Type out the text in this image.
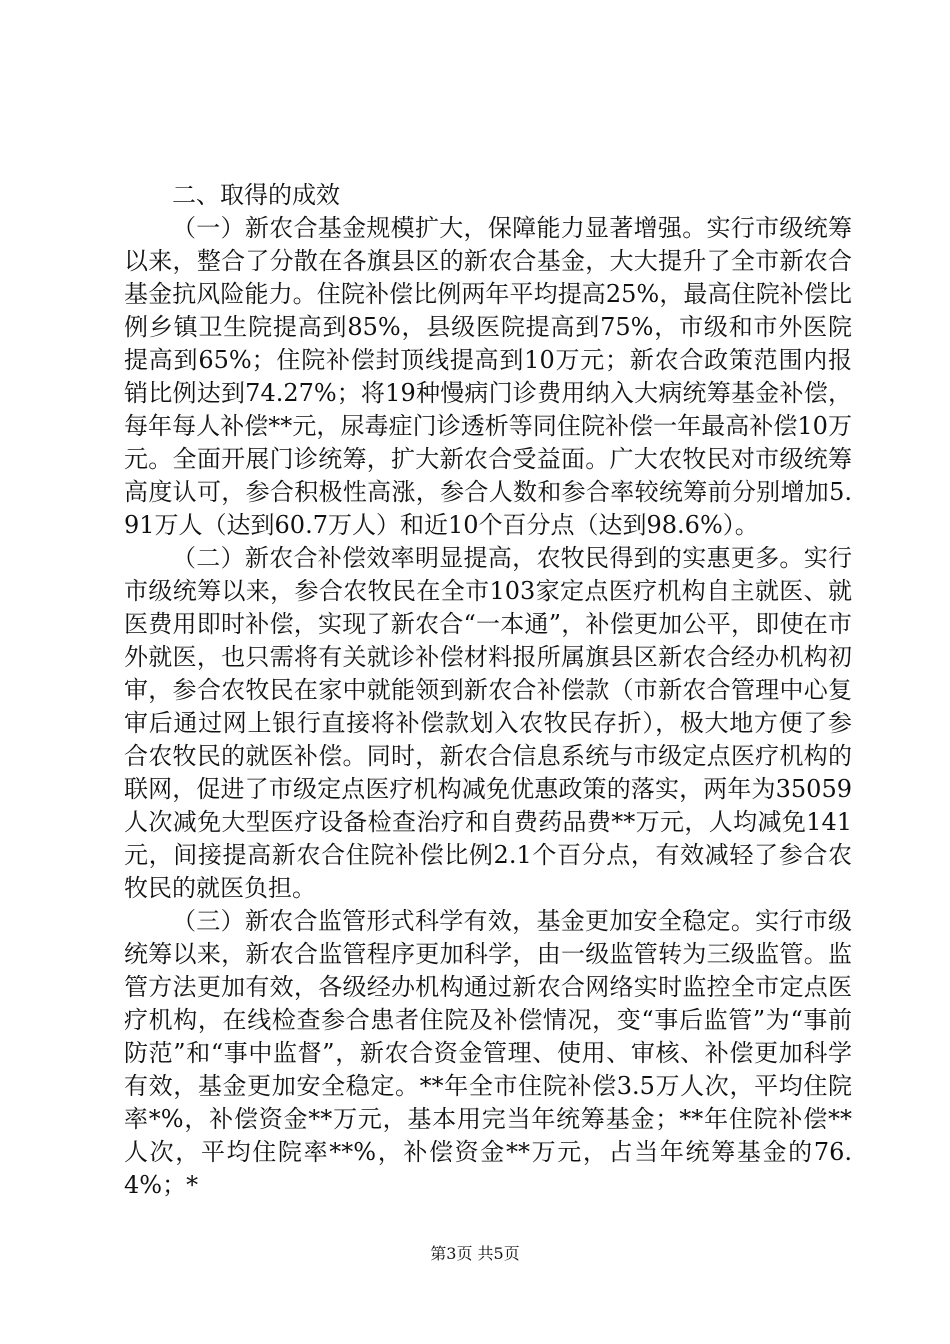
二、取得的成效

（一）新农合基金规模扩大，保障能力显著增强。实行市级统筹以来，整合了分散在各旗县区的新农合基金，大大提升了全市新农合基金抗风险能力。住院补偿比例两年平均提高25%，最高住院补偿比例乡镇卫生院提高到85%，县级医院提高到75%，市级和市外医院提高到65%；住院补偿封顶线提高到10万元；新农合政策范围内报销比例达到74.27%；将19种慢病门诊费用纳入大病统筹基金补偿，每年每人补偿**元，尿毒症门诊透析等同住院补偿一年最高补偿10万元。全面开展门诊统筹，扩大新农合受益面。广大农牧民对市级统筹高度认可，参合积极性高涨，参合人数和参合率较统筹前分别增加5.91万人（达到60.7万人）和近10个百分点（达到98.6%）。

（二）新农合补偿效率明显提高，农牧民得到的实惠更多。实行市级统筹以来，参合农牧民在全市103家定点医疗机构自主就医、就医费用即时补偿，实现了新农合“一本通”，补偿更加公平，即使在市外就医，也只需将有关就诊补偿材料报所属旗县区新农合经办机构初审，参合农牧民在家中就能领到新农合补偿款（市新农合管理中心复审后通过网上银行直接将补偿款划入农牧民存折），极大地方便了参合农牧民的就医补偿。同时，新农合信息系统与市级定点医疗机构的联网，促进了市级定点医疗机构减免优惠政策的落实，两年为35059人次减免大型医疗设备检查治疗和自费药品费**万元，人均减免141元，间接提高新农合住院补偿比例2.1个百分点，有效减轻了参合农牧民的就医负担。

（三）新农合监管形式科学有效，基金更加安全稳定。实行市级统筹以来，新农合监管程序更加科学，由一级监管转为三级监管。监管方法更加有效，各级经办机构通过新农合网络实时监控全市定点医疗机构，在线检查参合患者住院及补偿情况，变“事后监管”为“事前防范”和“事中监督”，新农合资金管理、使用、审核、补偿更加科学有效，基金更加安全稳定。**年全市住院补偿3.5万人次，平均住院率*%，补偿资金**万元，基本用完当年统筹基金；**年住院补偿**人次，平均住院率**%，补偿资金**万元，占当年统筹基金的76.4%；*

第3页 共5页
